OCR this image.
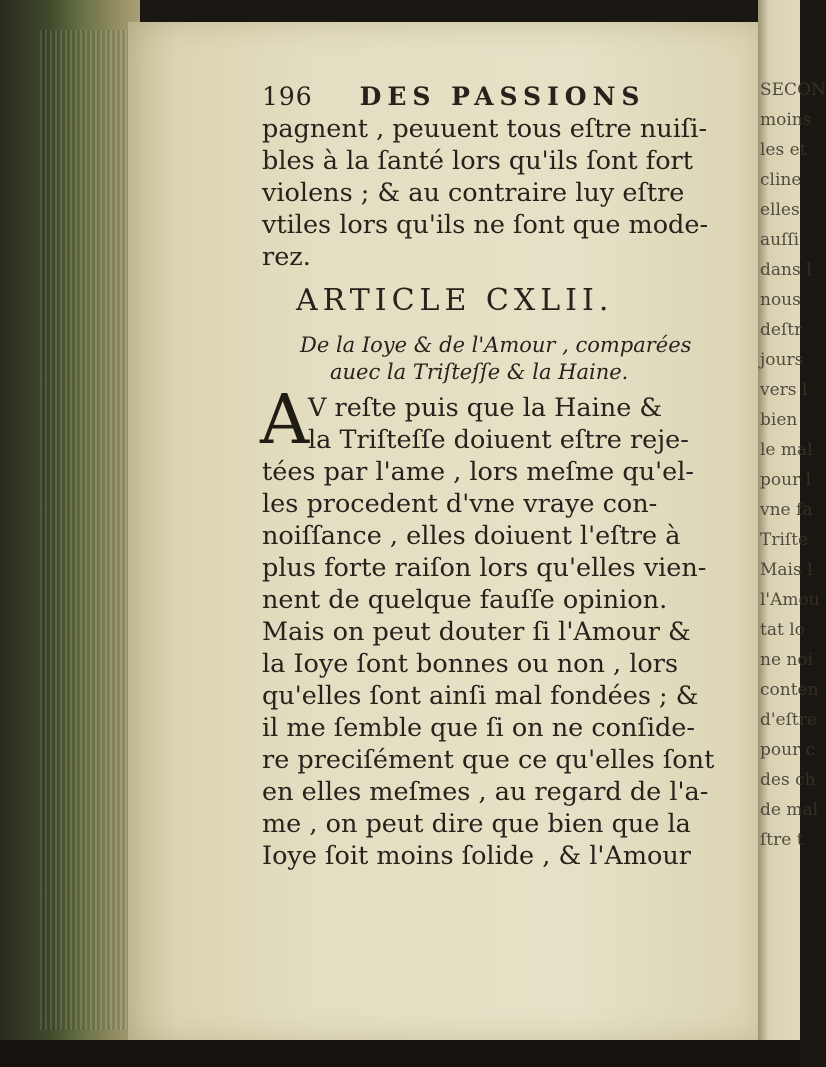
SECON
moins
les et
cline
elles
auſſi
dans l
nous
deſtr
jours
vers l
bien
le mal
pour l
vne fa
Triſte
Mais l
l'Amou
tat lo
ne noi
conten
d'eſtre
pour c
des ch
de mal
ſtre t
196 DES PASSIONS
pagnent , peuuent tous eſtre nuiſi-
bles à la ſanté lors qu'ils ſont fort
violens ; & au contraire luy eſtre
vtiles lors qu'ils ne ſont que mode-
rez.
ARTICLE CXLII.
De la Ioye & de l'Amour , comparées
auec la Triſteſſe & la Haine.
A
V reſte puis que la Haine &
la Triſteſſe doiuent eſtre reje-
tées par l'ame , lors meſme qu'el-
les procedent d'vne vraye con-
noiſſance , elles doiuent l'eſtre à
plus forte raiſon lors qu'elles vien-
nent de quelque fauſſe opinion.
Mais on peut douter ſi l'Amour &
la Ioye ſont bonnes ou non , lors
qu'elles ſont ainſi mal fondées ; &
il me ſemble que ſi on ne conſide-
re preciſément que ce qu'elles ſont
en elles meſmes , au regard de l'a-
me , on peut dire que bien que la
Ioye ſoit moins ſolide , & l'Amour
